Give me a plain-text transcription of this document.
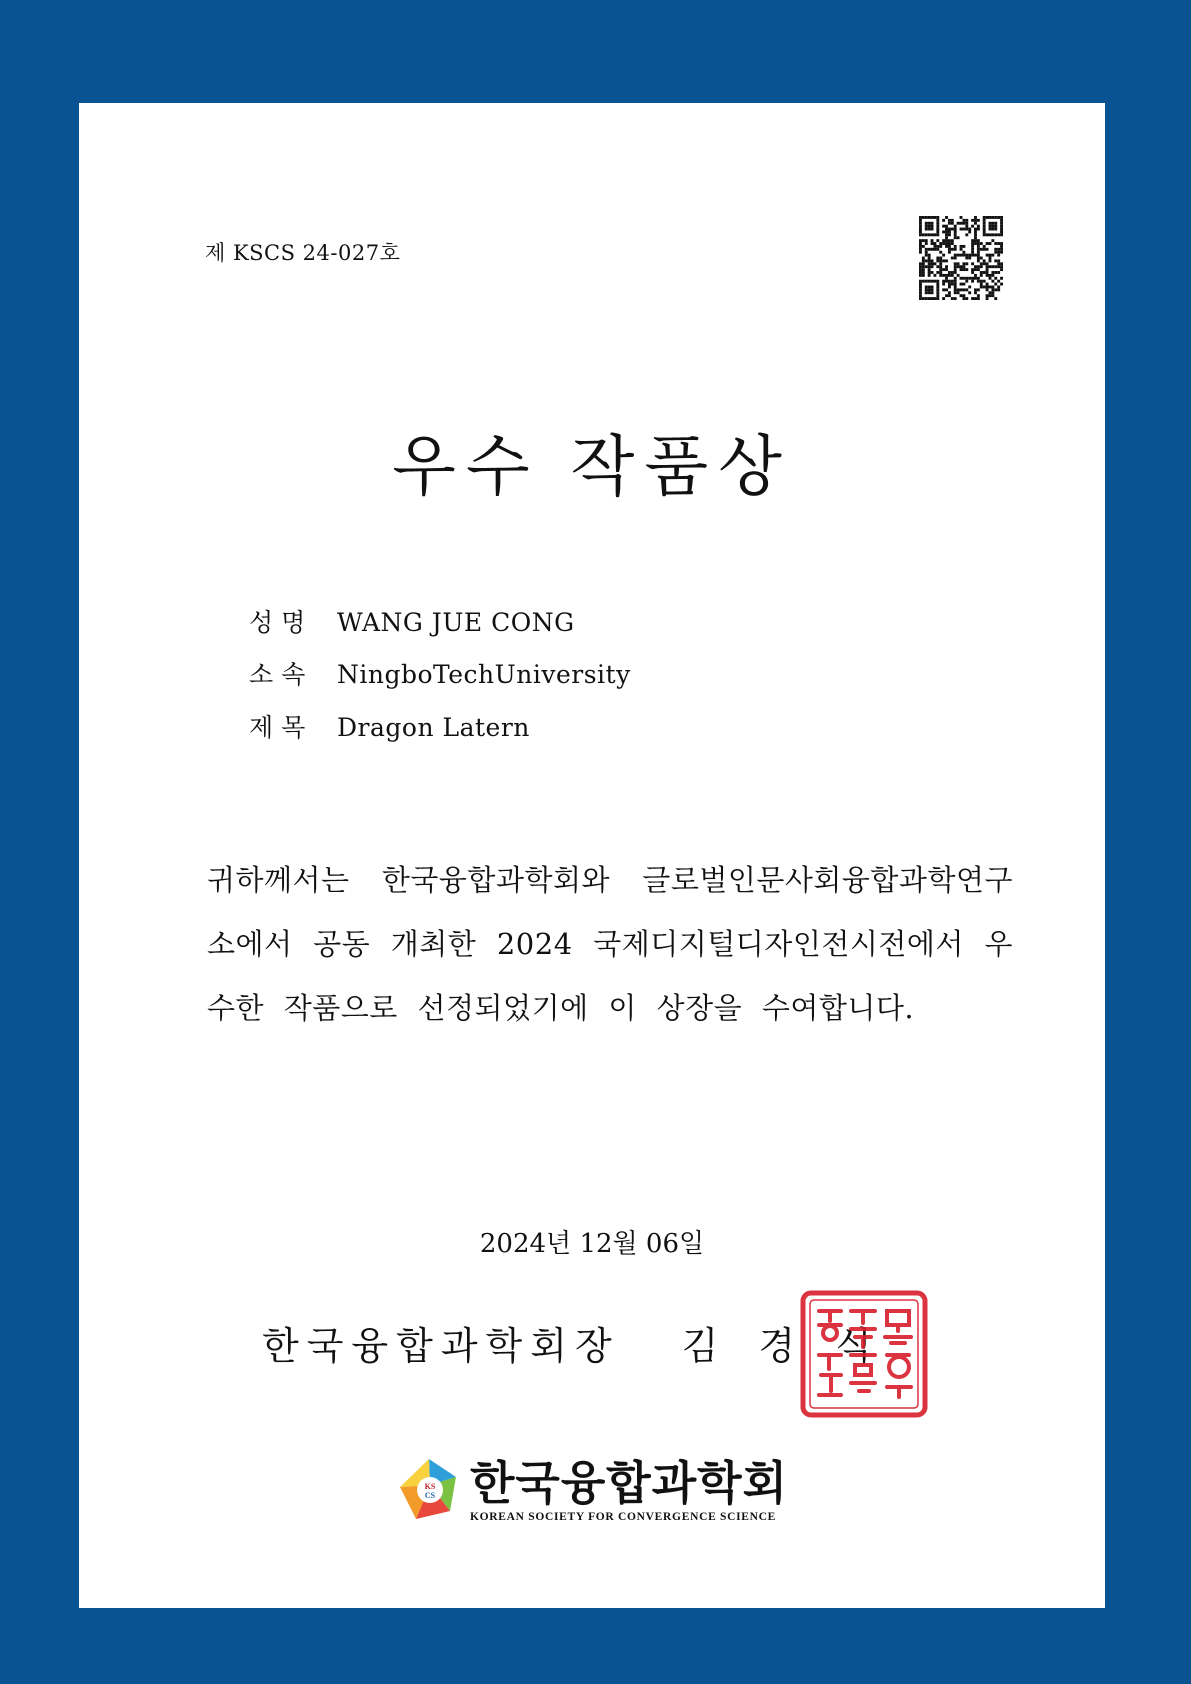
제 KSCS 24-027호

우수 작품상
성명 WANG JUE CONG
소속 NingboTechUniversity
제목 Dragon Latern

귀하께서는 한국융합과학회와 글로벌인문사회융합과학연구소에서 공동 개최한 2024 국제디지털디자인전시전에서 우수한 작품으로 선정되었기에 이 상장을 수여합니다.

2024년 12월 06일

한국융합과학회장 김경식
KS
CS 한국융합과학회
KOREAN SOCIETY FOR CONVERGENCE SCIENCE
